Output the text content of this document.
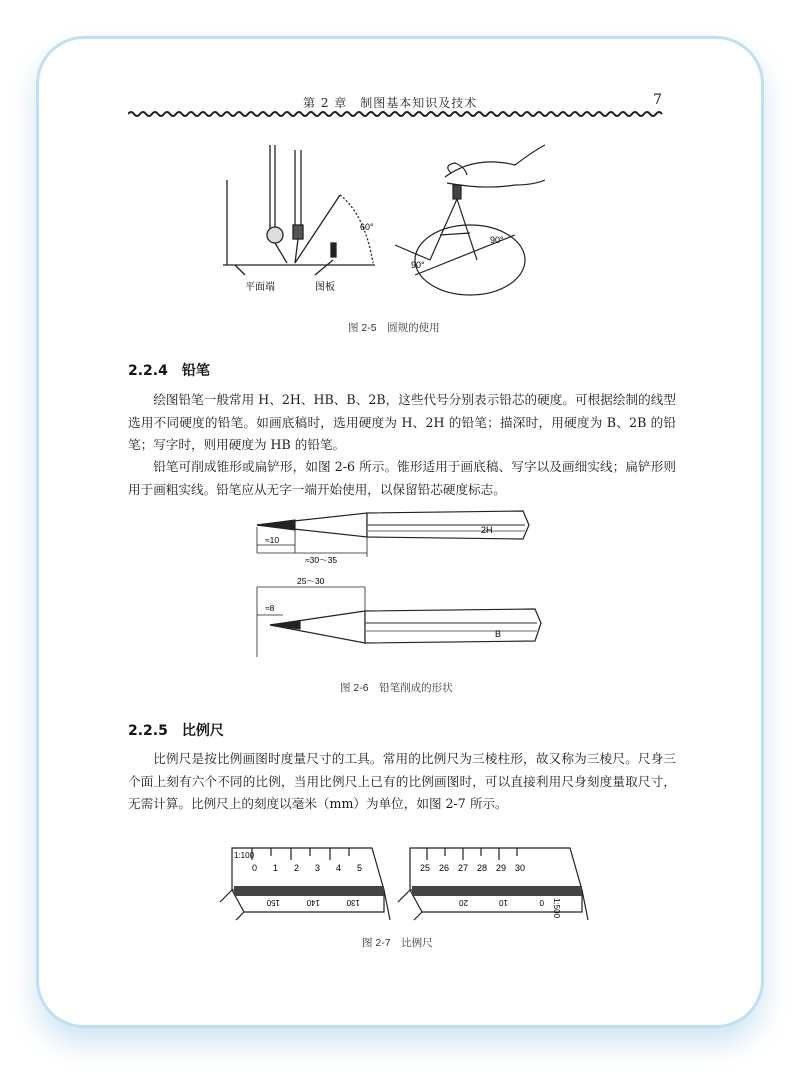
第 2 章　制图基本知识及技术	7
60°
平面端	图板
90°
90°
图 2-5　圆规的使用
2.2.4　铅笔
绘图铅笔一般常用 H、2H、HB、B、2B，这些代号分别表示铅芯的硬度。可根据绘制的线型选用不同硬度的铅笔。如画底稿时，选用硬度为 H、2H 的铅笔；描深时，用硬度为 B、2B 的铅笔；写字时，则用硬度为 HB 的铅笔。
铅笔可削成锥形或扁铲形，如图 2-6 所示。锥形适用于画底稿、写字以及画细实线；扁铲形则用于画粗实线。铅笔应从无字一端开始使用，以保留铅芯硬度标志。
2H
≈10
≈30～35
25～30
≈8
B
图 2-6　铅笔削成的形状
2.2.5　比例尺
比例尺是按比例画图时度量尺寸的工具。常用的比例尺为三棱柱形，故又称为三棱尺。尺身三个面上刻有六个不同的比例，当用比例尺上已有的比例画图时，可以直接利用尺身刻度量取尺寸，无需计算。比例尺上的刻度以毫米（mm）为单位，如图 2-7 所示。
1:100
0 1 2 3 4 5
150	140	130
25 26 27 28 29 30
20	10	0 1:500
图 2-7　比例尺
